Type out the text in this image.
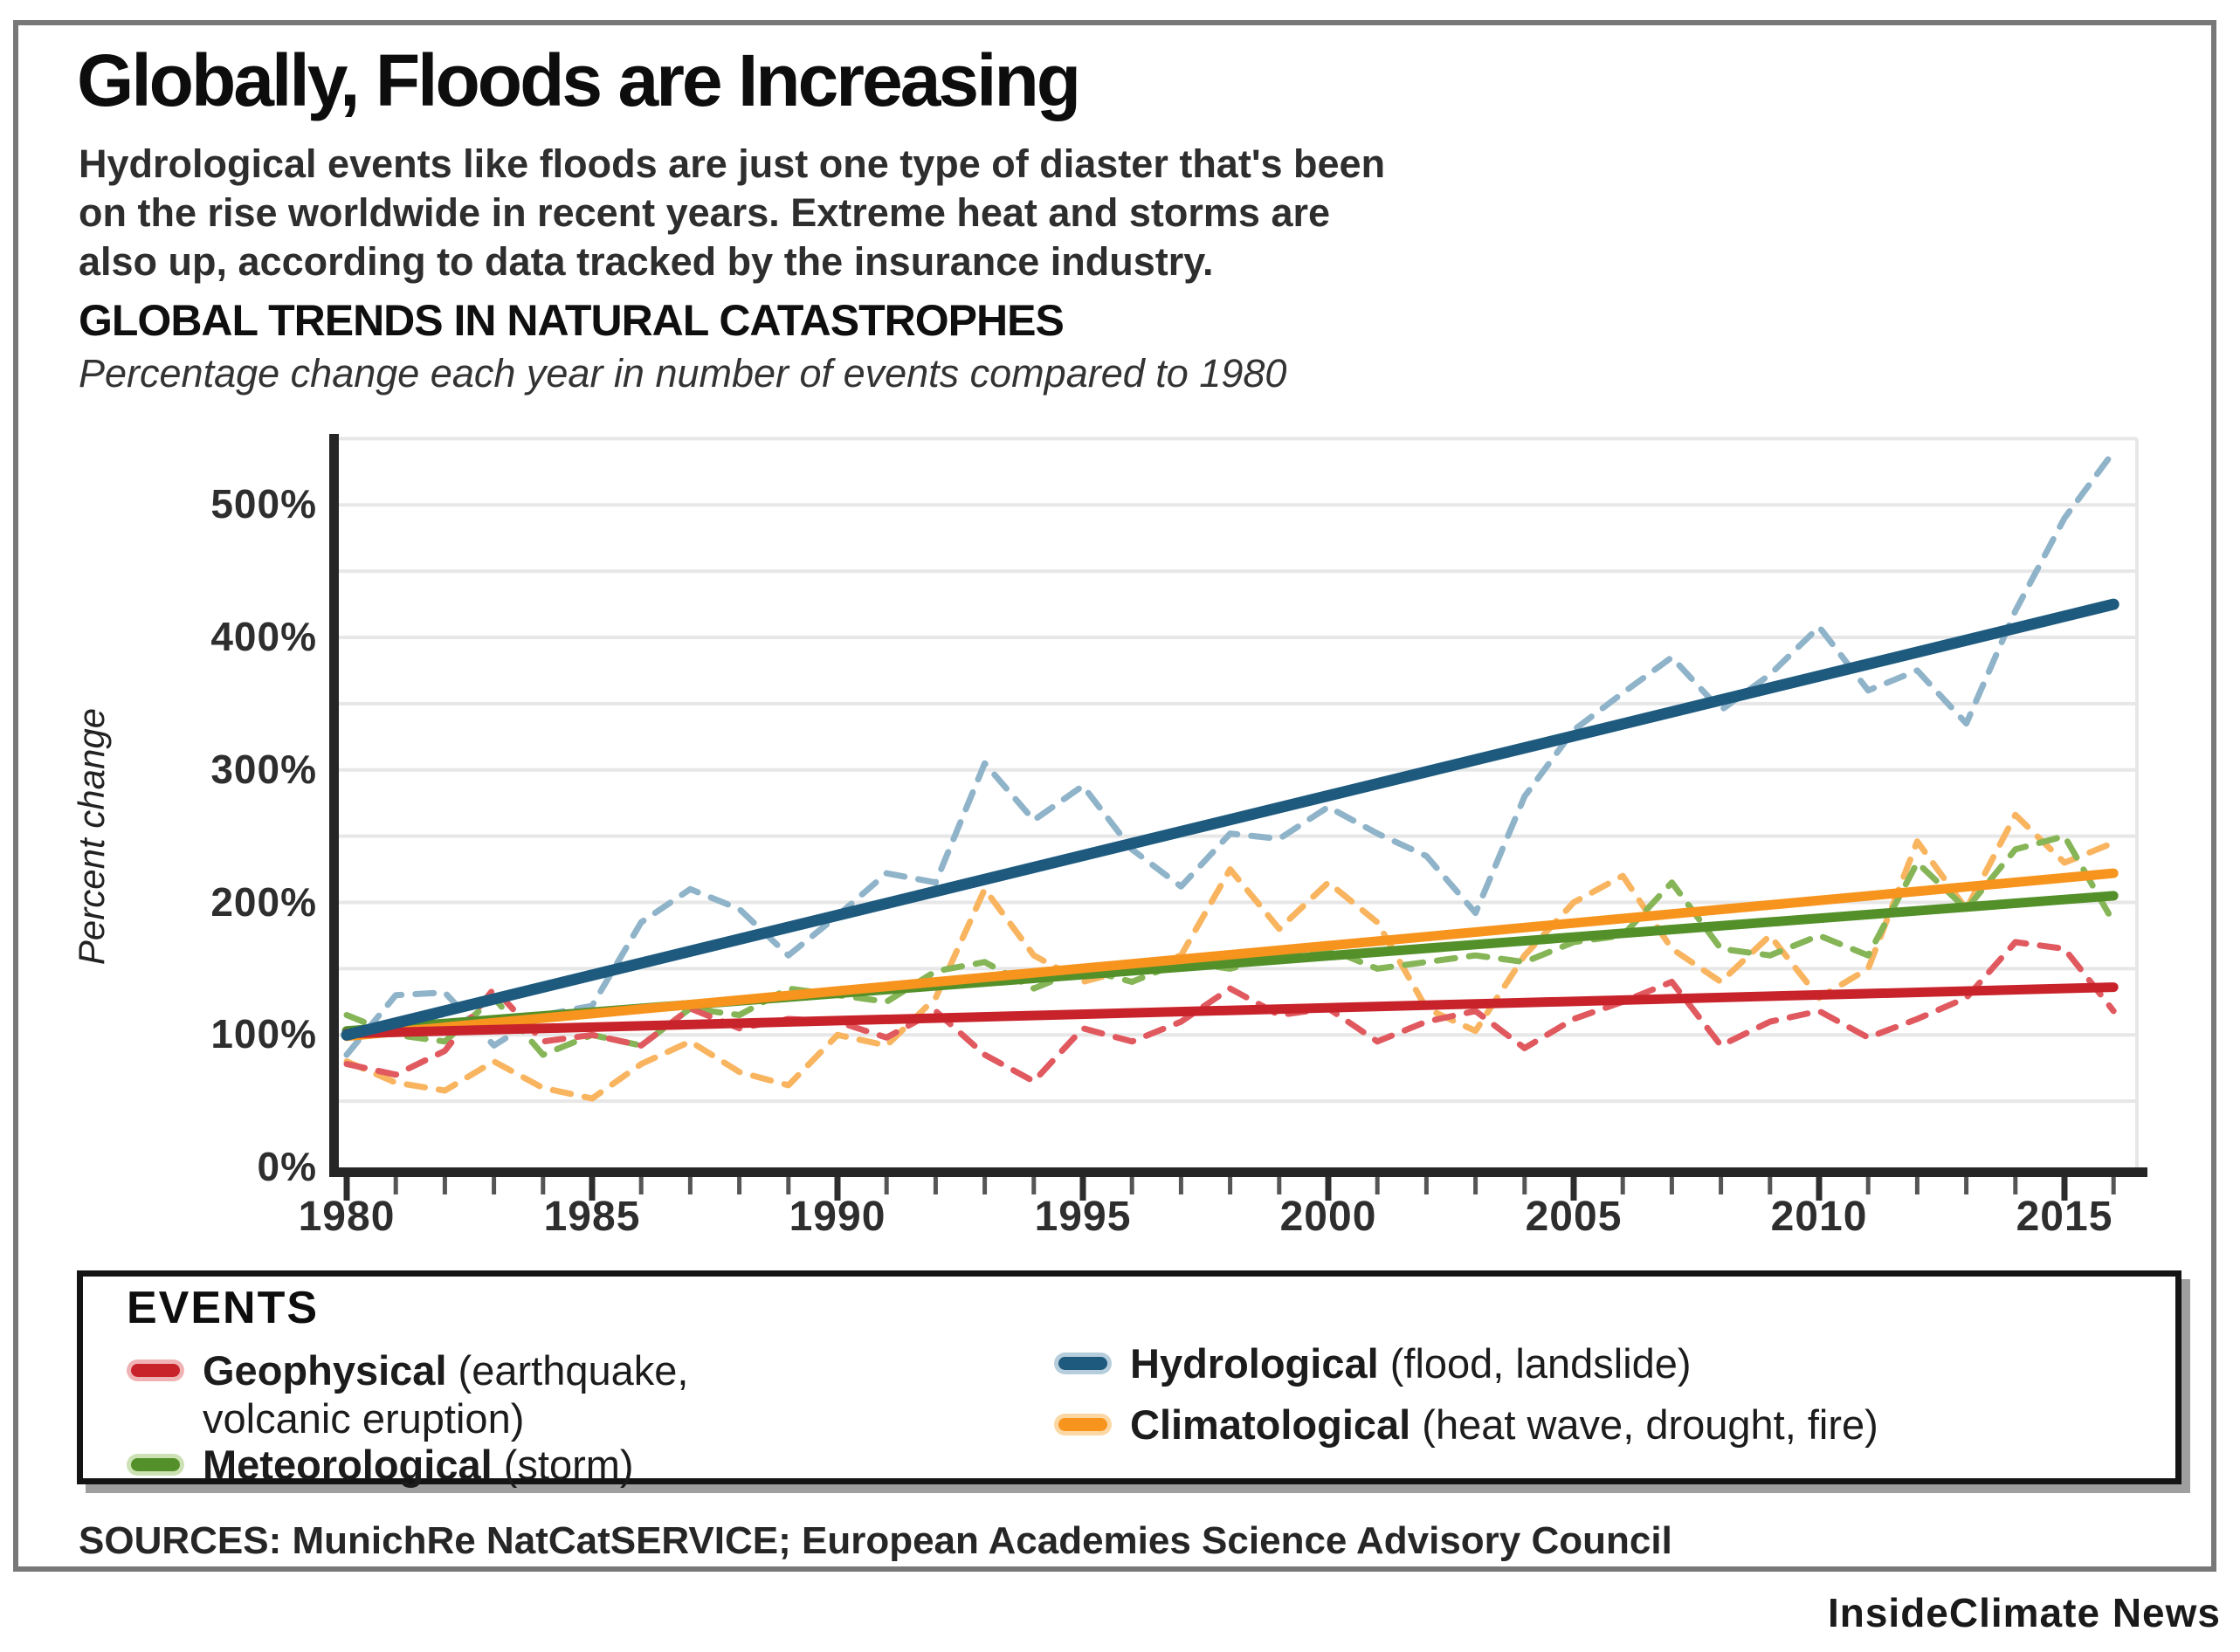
Globally, Floods are Increasing
Hydrological events like floods are just one type of diaster that's been
on the rise worldwide in recent years. Extreme heat and storms are
also up, according to data tracked by the insurance industry.
GLOBAL TRENDS IN NATURAL CATASTROPHES
Percentage change each year in number of events compared to 1980
Percent change
0%
100%
200%
300%
400%
500%
1980	1985	1990	1995	2000	2005	2010	2015
EVENTS
Geophysical (earthquake,
volcanic eruption)
Meteorological (storm)
Hydrological (flood, landslide)
Climatological (heat wave, drought, fire)
SOURCES: MunichRe NatCatSERVICE; European Academies Science Advisory Council
InsideClimate News
